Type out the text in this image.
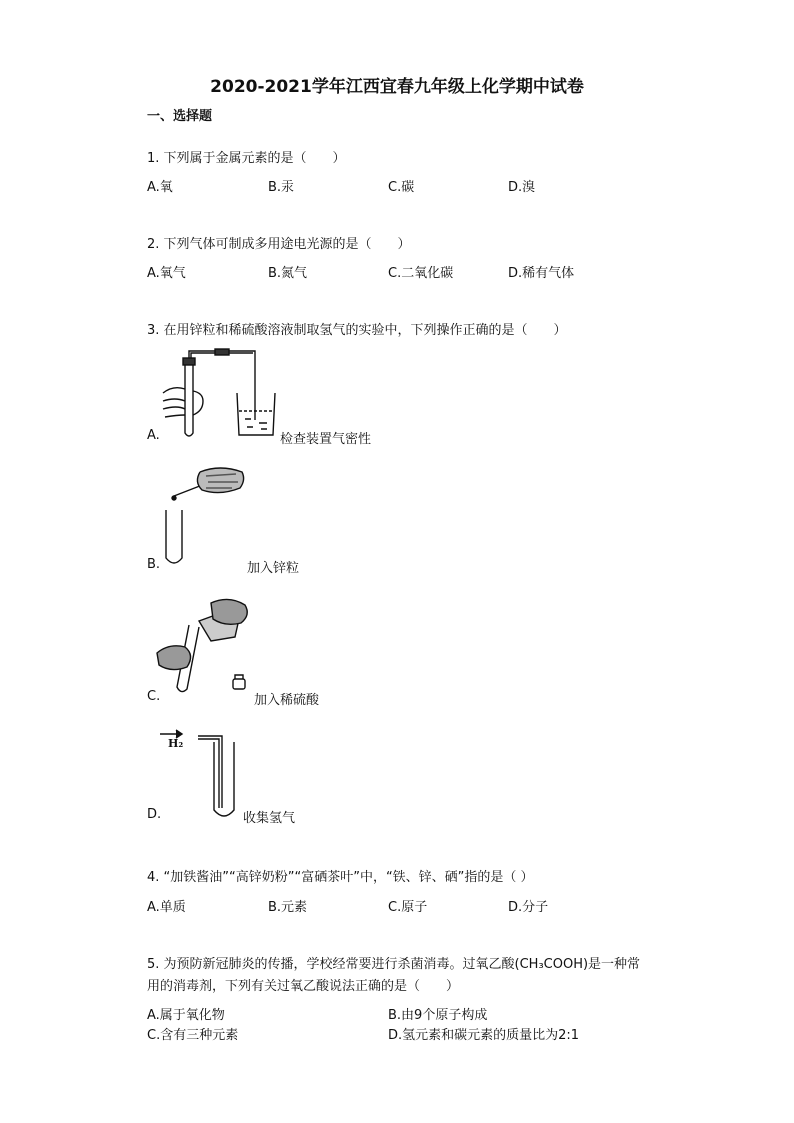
2020-2021学年江西宜春九年级上化学期中试卷
一、选择题
1. 下列属于金属元素的是（　　）
A.氧	B.汞	C.碳	D.溴
2. 下列气体可制成多用途电光源的是（　　）
A.氧气	B.氮气	C.二氧化碳	D.稀有气体
3. 在用锌粒和稀硫酸溶液制取氢气的实验中，下列操作正确的是（　　）
A.	检查装置气密性
B.	加入锌粒
C.	加入稀硫酸
H₂
D.	收集氢气
4. “加铁酱油”“高锌奶粉”“富硒茶叶”中，“铁、锌、硒”指的是（ ）
A.单质	B.元素	C.原子	D.分子
5. 为预防新冠肺炎的传播，学校经常要进行杀菌消毒。过氧乙酸(CH₃COOH)是一种常
用的消毒剂，下列有关过氧乙酸说法正确的是（　　）
A.属于氧化物	B.由9个原子构成
C.含有三种元素	D.氢元素和碳元素的质量比为2:1
